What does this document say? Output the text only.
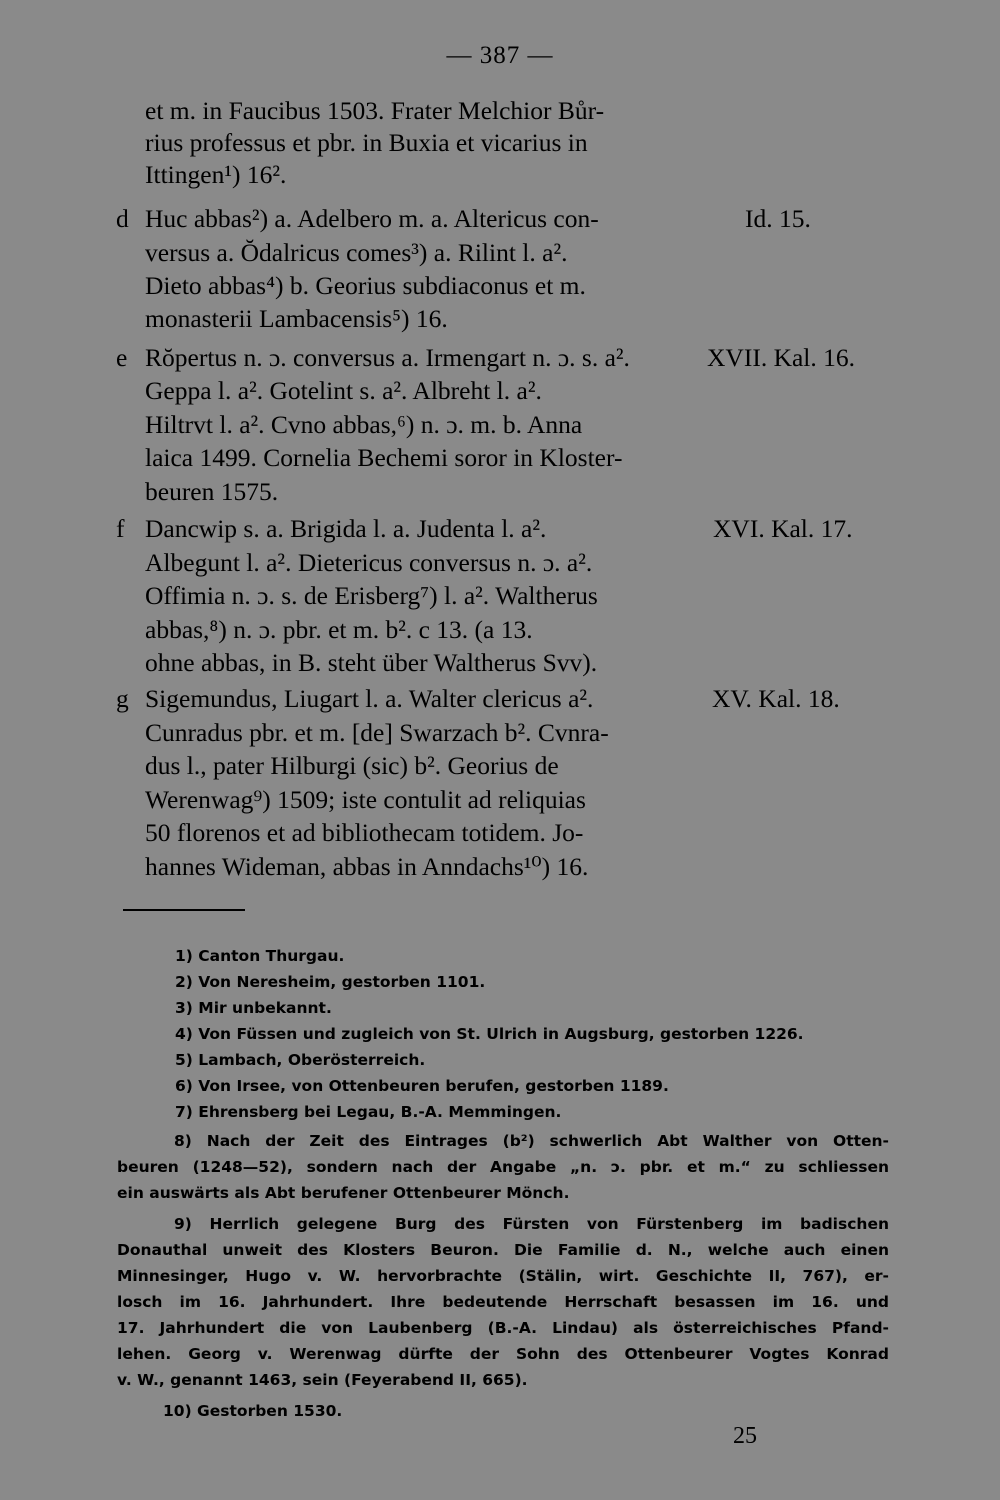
— 387 —
et m. in Faucibus 1503. Frater Melchior Bůr-
rius professus et pbr. in Buxia et vicarius in
Ittingen¹) 16².
d Huc abbas²) a. Adelbero m. a. Altericus con-	Id. 15.
versus a. Ŏdalricus comes³) a. Rilint l. a².
Dieto abbas⁴) b. Georius subdiaconus et m.
monasterii Lambacensis⁵) 16.
e Rŏpertus n. ɔ. conversus a. Irmengart n. ɔ. s. a².	XVII. Kal. 16.
Geppa l. a². Gotelint s. a². Albreht l. a².
Hiltrvt l. a². Cvno abbas,⁶) n. ɔ. m. b. Anna
laica 1499. Cornelia Bechemi soror in Kloster-
beuren 1575.
f Dancwip s. a. Brigida l. a. Judenta l. a².	XVI. Kal. 17.
Albegunt l. a². Dietericus conversus n. ɔ. a².
Offimia n. ɔ. s. de Erisberg⁷) l. a². Waltherus
abbas,⁸) n. ɔ. pbr. et m. b². c 13. (a 13.
ohne abbas, in B. steht über Waltherus Svv).
g Sigemundus, Liugart l. a. Walter clericus a².	XV. Kal. 18.
Cunradus pbr. et m. [de] Swarzach b². Cvnra-
dus l., pater Hilburgi (sic) b². Georius de
Werenwag⁹) 1509; iste contulit ad reliquias
50 florenos et ad bibliothecam totidem. Jo-
hannes Wideman, abbas in Anndachs¹⁰) 16.
1) Canton Thurgau.
2) Von Neresheim, gestorben 1101.
3) Mir unbekannt.
4) Von Füssen und zugleich von St. Ulrich in Augsburg, gestorben 1226.
5) Lambach, Oberösterreich.
6) Von Irsee, von Ottenbeuren berufen, gestorben 1189.
7) Ehrensberg bei Legau, B.-A. Memmingen.
8) Nach der Zeit des Eintrages (b²) schwerlich Abt Walther von Otten-
beuren (1248—52), sondern nach der Angabe „n. ɔ. pbr. et m.“ zu schliessen
ein auswärts als Abt berufener Ottenbeurer Mönch.
9) Herrlich gelegene Burg des Fürsten von Fürstenberg im badischen
Donauthal unweit des Klosters Beuron. Die Familie d. N., welche auch einen
Minnesinger, Hugo v. W. hervorbrachte (Stälin, wirt. Geschichte II, 767), er-
losch im 16. Jahrhundert. Ihre bedeutende Herrschaft besassen im 16. und
17. Jahrhundert die von Laubenberg (B.-A. Lindau) als österreichisches Pfand-
lehen. Georg v. Werenwag dürfte der Sohn des Ottenbeurer Vogtes Konrad
v. W., genannt 1463, sein (Feyerabend II, 665).
10) Gestorben 1530.
25
